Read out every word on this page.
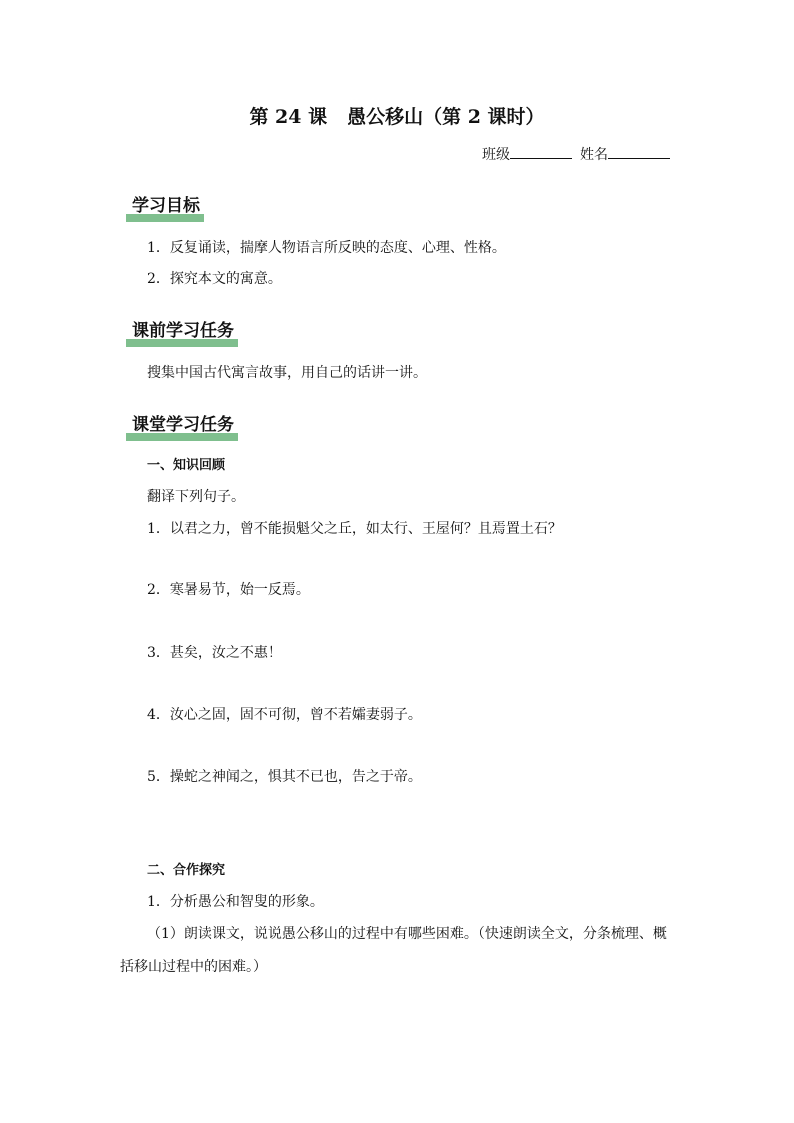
第 24 课 愚公移山（第 2 课时）
班级	姓名
学习目标
1．反复诵读，揣摩人物语言所反映的态度、心理、性格。
2．探究本文的寓意。
课前学习任务
搜集中国古代寓言故事，用自己的话讲一讲。
课堂学习任务
一、知识回顾
翻译下列句子。
1．以君之力，曾不能损魁父之丘，如太行、王屋何？且焉置土石？
2．寒暑易节，始一反焉。
3．甚矣，汝之不惠！
4．汝心之固，固不可彻，曾不若孀妻弱子。
5．操蛇之神闻之，惧其不已也，告之于帝。
二、合作探究
1．分析愚公和智叟的形象。
（1）朗读课文，说说愚公移山的过程中有哪些困难。（快速朗读全文，分条梳理、概
括移山过程中的困难。）
